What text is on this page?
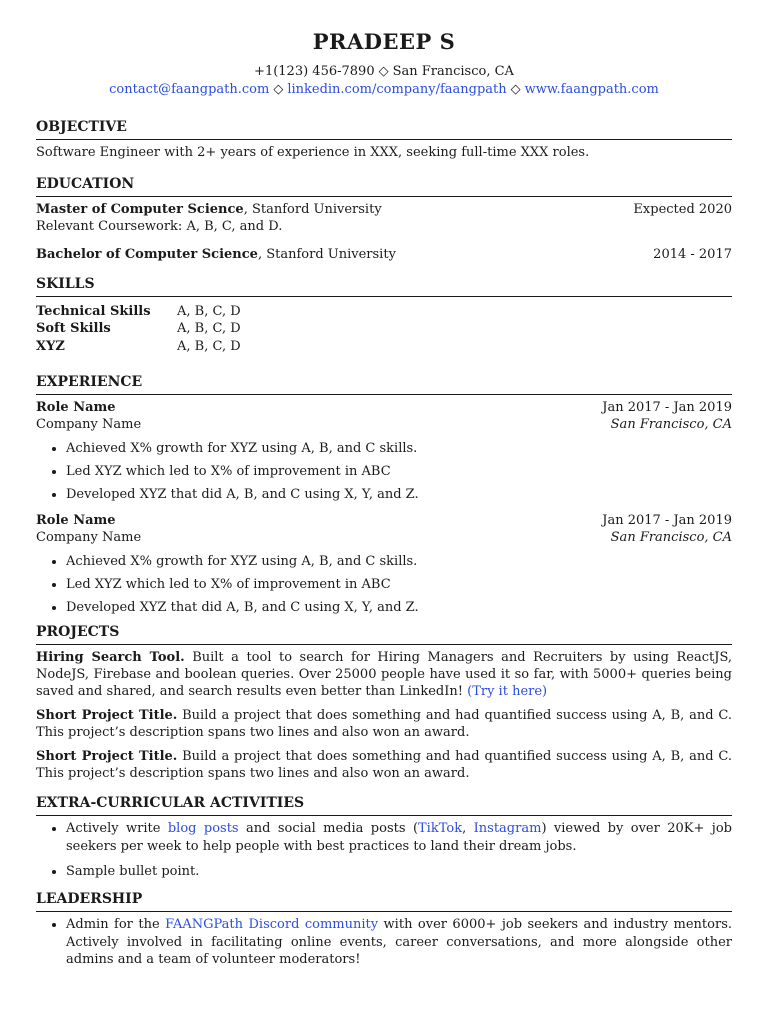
PRADEEP S
+1(123) 456-7890 ◇ San Francisco, CA
contact@faangpath.com ◇ linkedin.com/company/faangpath ◇ www.faangpath.com
OBJECTIVE
Software Engineer with 2+ years of experience in XXX, seeking full-time XXX roles.
EDUCATION
Master of Computer Science, Stanford University	Expected 2020
Relevant Coursework: A, B, C, and D.
Bachelor of Computer Science, Stanford University	2014 - 2017
SKILLS
Technical Skills	A, B, C, D
Soft Skills	A, B, C, D
XYZ	A, B, C, D
EXPERIENCE
Role Name	Jan 2017 - Jan 2019
Company Name	San Francisco, CA
• Achieved X% growth for XYZ using A, B, and C skills.
• Led XYZ which led to X% of improvement in ABC
• Developed XYZ that did A, B, and C using X, Y, and Z.
Role Name	Jan 2017 - Jan 2019
Company Name	San Francisco, CA
• Achieved X% growth for XYZ using A, B, and C skills.
• Led XYZ which led to X% of improvement in ABC
• Developed XYZ that did A, B, and C using X, Y, and Z.
PROJECTS
Hiring Search Tool. Built a tool to search for Hiring Managers and Recruiters by using ReactJS, NodeJS, Firebase and boolean queries. Over 25000 people have used it so far, with 5000+ queries being saved and shared, and search results even better than LinkedIn! (Try it here)
Short Project Title. Build a project that does something and had quantified success using A, B, and C. This project’s description spans two lines and also won an award.
Short Project Title. Build a project that does something and had quantified success using A, B, and C. This project’s description spans two lines and also won an award.
EXTRA-CURRICULAR ACTIVITIES
• Actively write blog posts and social media posts (TikTok, Instagram) viewed by over 20K+ job seekers per week to help people with best practices to land their dream jobs.
• Sample bullet point.
LEADERSHIP
• Admin for the FAANGPath Discord community with over 6000+ job seekers and industry mentors. Actively involved in facilitating online events, career conversations, and more alongside other admins and a team of volunteer moderators!
